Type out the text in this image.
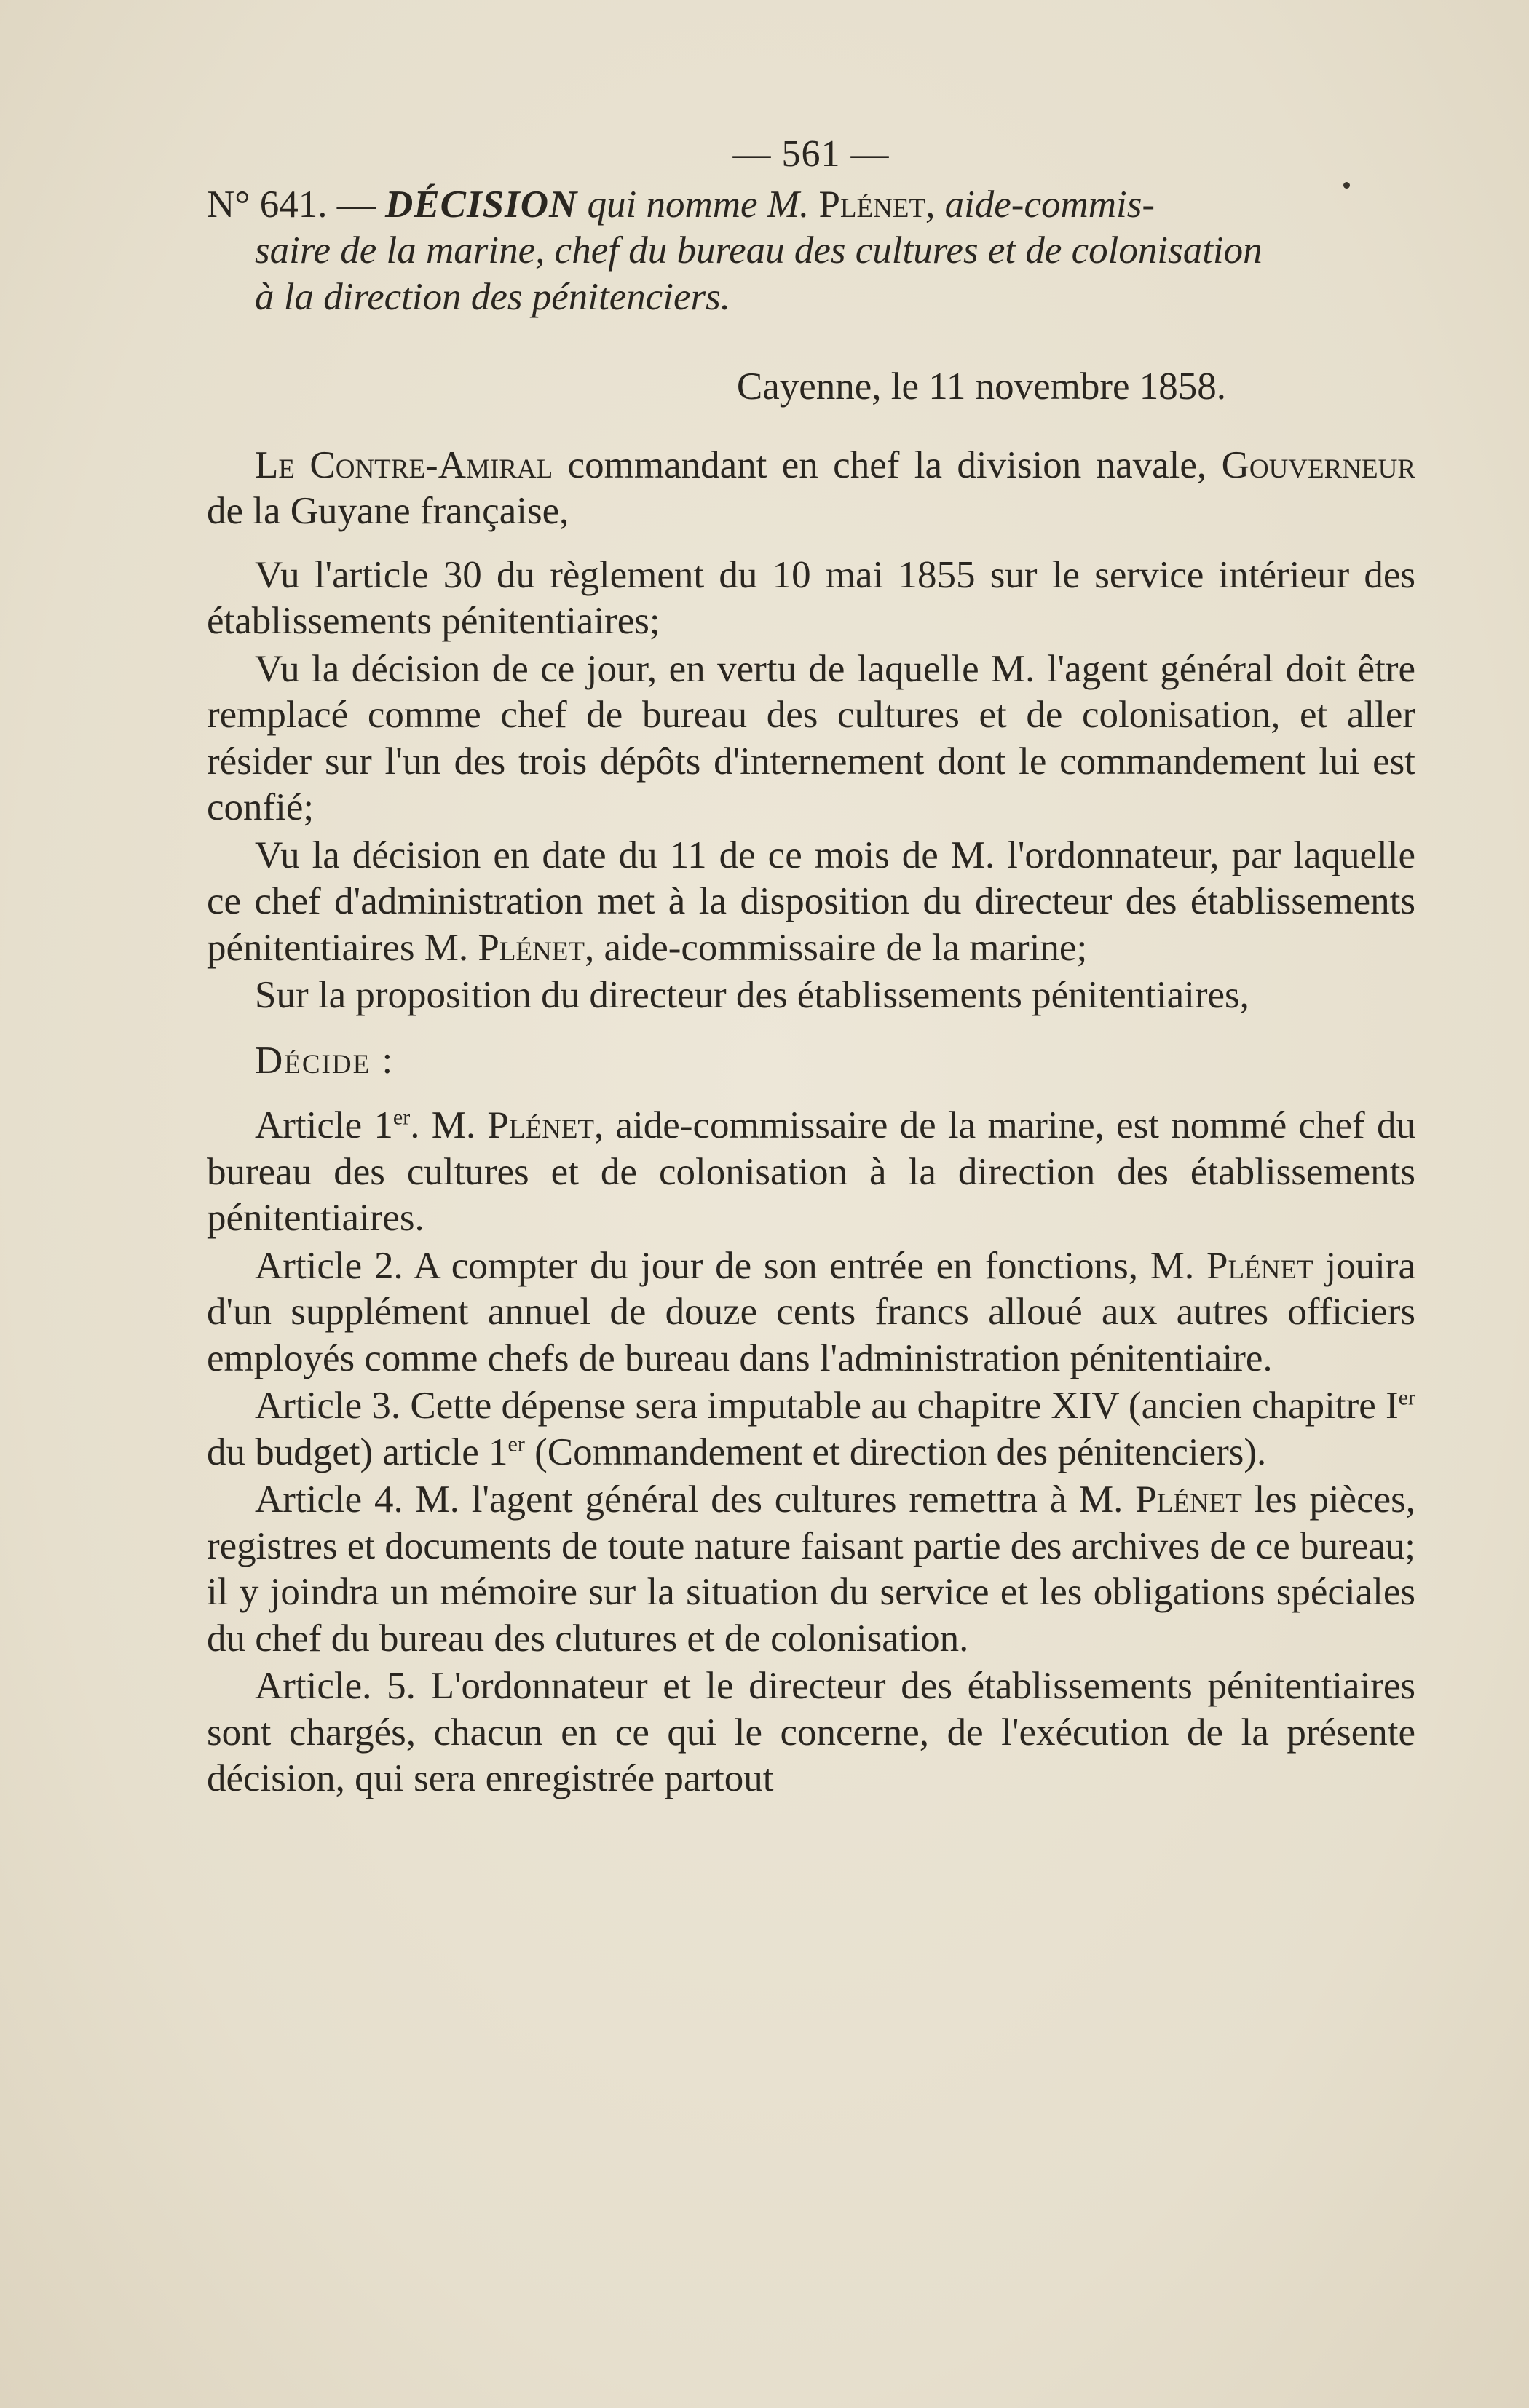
— 561 —
N° 641. — DÉCISION qui nomme M. Plénet, aide-commis-
saire de la marine, chef du bureau des cultures et de colonisation
à la direction des pénitenciers.
Cayenne, le 11 novembre 1858.

Le Contre-Amiral commandant en chef la division navale, Gouverneur de la Guyane française,

Vu l'article 30 du règlement du 10 mai 1855 sur le service intérieur des établissements pénitentiaires;

Vu la décision de ce jour, en vertu de laquelle M. l'agent général doit être remplacé comme chef de bureau des cultures et de colonisation, et aller résider sur l'un des trois dépôts d'internement dont le commandement lui est confié;

Vu la décision en date du 11 de ce mois de M. l'ordonnateur, par laquelle ce chef d'administration met à la disposition du directeur des établissements pénitentiaires M. Plénet, aide-commissaire de la marine;

Sur la proposition du directeur des établissements pénitentiaires,

Décide :

Article 1er. M. Plénet, aide-commissaire de la marine, est nommé chef du bureau des cultures et de colonisation à la direction des établissements pénitentiaires.

Article 2. A compter du jour de son entrée en fonctions, M. Plénet jouira d'un supplément annuel de douze cents francs alloué aux autres officiers employés comme chefs de bureau dans l'administration pénitentiaire.

Article 3. Cette dépense sera imputable au chapitre XIV (ancien chapitre Ier du budget) article 1er (Commandement et direction des pénitenciers).

Article 4. M. l'agent général des cultures remettra à M. Plénet les pièces, registres et documents de toute nature faisant partie des archives de ce bureau; il y joindra un mémoire sur la situation du service et les obligations spéciales du chef du bureau des clutures et de colonisation.

Article. 5. L'ordonnateur et le directeur des établissements pénitentiaires sont chargés, chacun en ce qui le concerne, de l'exécution de la présente décision, qui sera enregistrée partout
